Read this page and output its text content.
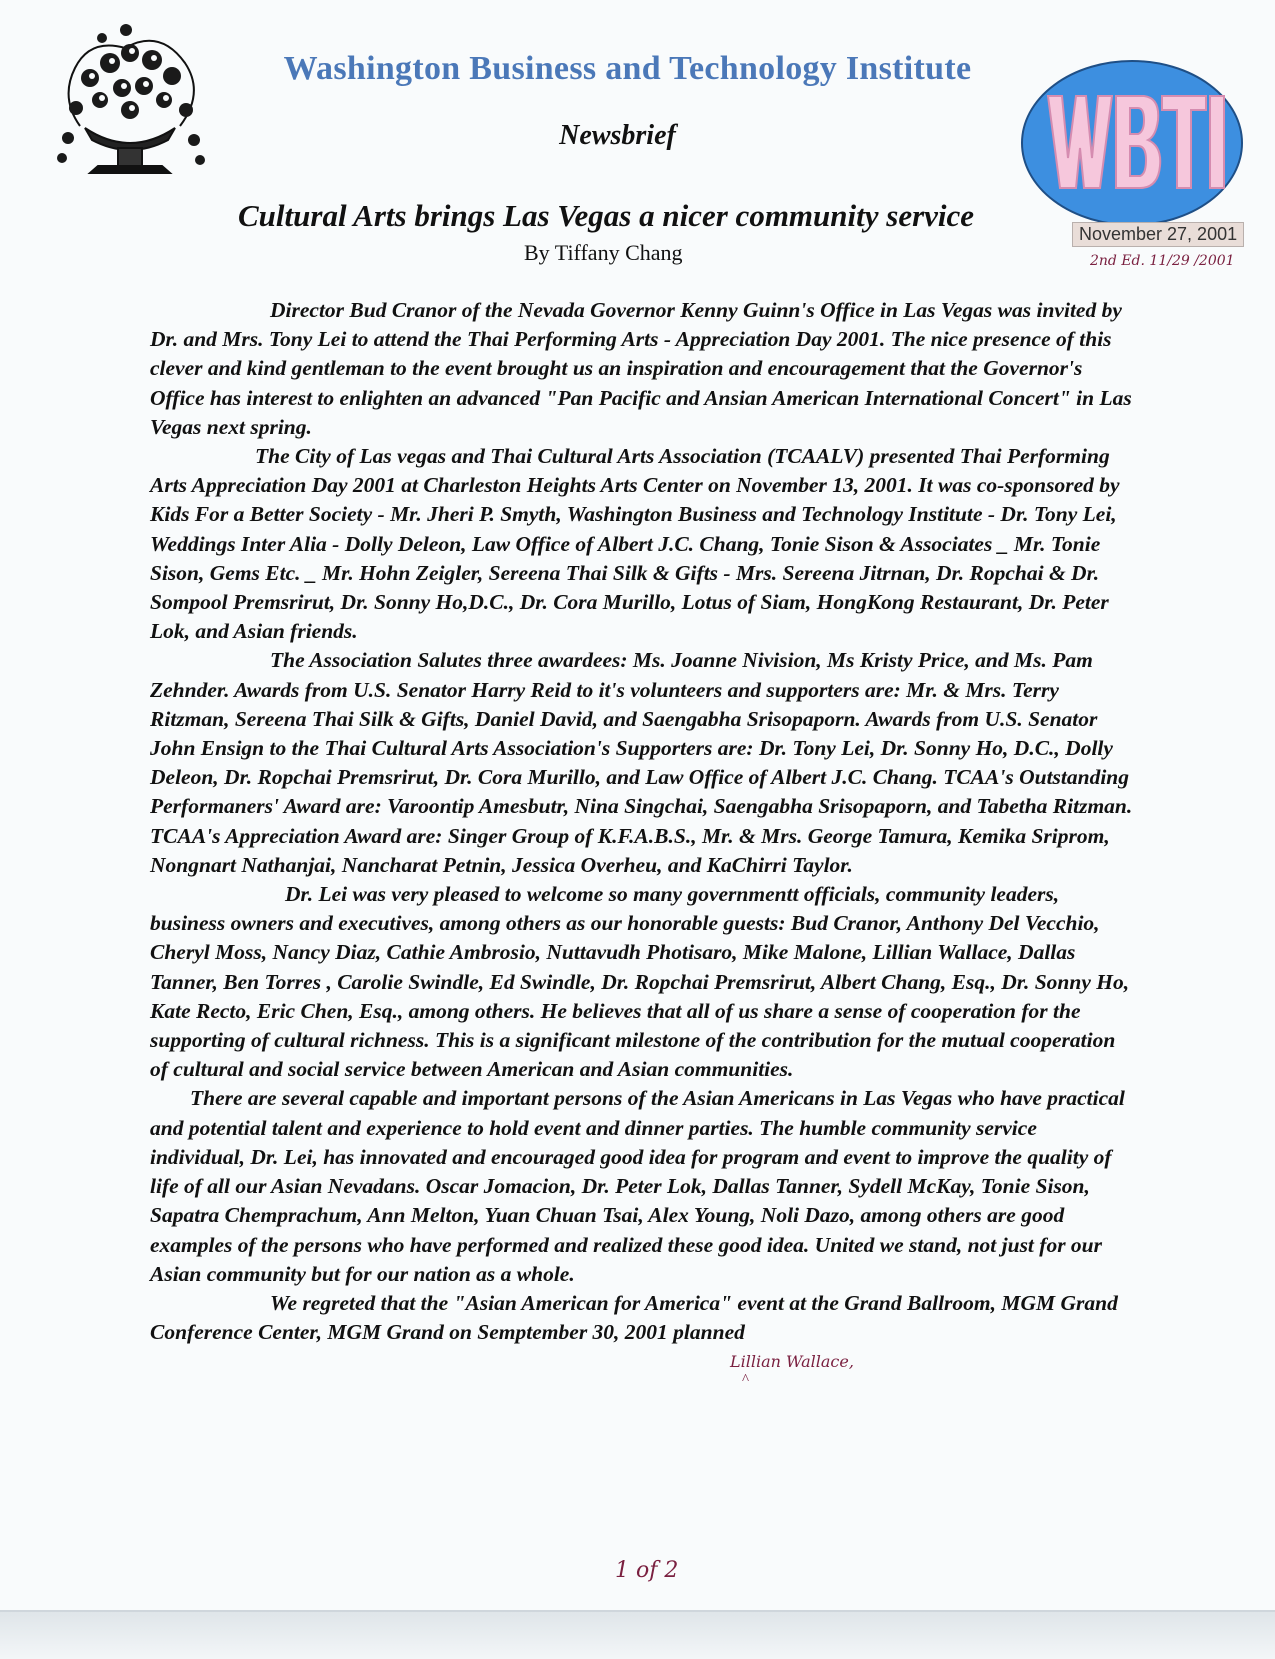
Washington Business and Technology Institute
Newsbrief
Cultural Arts brings Las Vegas a nicer community service
By Tiffany Chang
November 27, 2001
2nd Ed. 11/29 /2001

Director Bud Cranor of the Nevada Governor Kenny Guinn's Office in Las Vegas was invited by Dr. and Mrs. Tony Lei to attend the Thai Performing Arts - Appreciation Day 2001. The nice presence of this clever and kind gentleman to the event brought us an inspiration and encouragement that the Governor's Office has interest to enlighten an advanced "Pan Pacific and Ansian American International Concert" in Las Vegas next spring.

The City of Las vegas and Thai Cultural Arts Association (TCAALV) presented Thai Performing Arts Appreciation Day 2001 at Charleston Heights Arts Center on November 13, 2001. It was co-sponsored by Kids For a Better Society - Mr. Jheri P. Smyth, Washington Business and Technology Institute - Dr. Tony Lei, Weddings Inter Alia - Dolly Deleon, Law Office of Albert J.C. Chang, Tonie Sison & Associates _ Mr. Tonie Sison, Gems Etc. _ Mr. Hohn Zeigler, Sereena Thai Silk & Gifts - Mrs. Sereena Jitrnan, Dr. Ropchai & Dr. Sompool Premsrirut, Dr. Sonny Ho,D.C., Dr. Cora Murillo, Lotus of Siam, HongKong Restaurant, Dr. Peter Lok, and Asian friends.

The Association Salutes three awardees: Ms. Joanne Nivision, Ms Kristy Price, and Ms. Pam Zehnder. Awards from U.S. Senator Harry Reid to it's volunteers and supporters are: Mr. & Mrs. Terry Ritzman, Sereena Thai Silk & Gifts, Daniel David, and Saengabha Srisopaporn. Awards from U.S. Senator John Ensign to the Thai Cultural Arts Association's Supporters are: Dr. Tony Lei, Dr. Sonny Ho, D.C., Dolly Deleon, Dr. Ropchai Premsrirut, Dr. Cora Murillo, and Law Office of Albert J.C. Chang. TCAA's Outstanding Performaners' Award are: Varoontip Amesbutr, Nina Singchai, Saengabha Srisopaporn, and Tabetha Ritzman. TCAA's Appreciation Award are: Singer Group of K.F.A.B.S., Mr. & Mrs. George Tamura, Kemika Sriprom, Nongnart Nathanjai, Nancharat Petnin, Jessica Overheu, and KaChirri Taylor.

Dr. Lei was very pleased to welcome so many governmentt officials, community leaders, business owners and executives, among others as our honorable guests: Bud Cranor, Anthony Del Vecchio, Cheryl Moss, Nancy Diaz, Cathie Ambrosio, Nuttavudh Photisaro, Mike Malone, Lillian Wallace, Dallas Tanner, Ben Torres , Carolie Swindle, Ed Swindle, Dr. Ropchai Premsrirut, Albert Chang, Esq., Dr. Sonny Ho, Kate Recto, Eric Chen, Esq., among others. He believes that all of us share a sense of cooperation for the supporting of cultural richness. This is a significant milestone of the contribution for the mutual cooperation of cultural and social service between American and Asian communities.

There are several capable and important persons of the Asian Americans in Las Vegas who have practical and potential talent and experience to hold event and dinner parties. The humble community service individual, Dr. Lei, has innovated and encouraged good idea for program and event to improve the quality of life of all our Asian Nevadans. Oscar Jomacion, Dr. Peter Lok, Dallas Tanner, Sydell McKay, Tonie Sison, Sapatra Chemprachum, Ann Melton, Yuan Chuan Tsai, Alex Young, Noli Dazo, among others are good examples of the persons who have performed and realized these good idea. United we stand, not just for our Asian community but for our nation as a whole.

We regreted that the "Asian American for America" event at the Grand Ballroom, MGM Grand Conference Center, MGM Grand on Semptember 30, 2001 planned

Lillian Wallace,
^
1 of 2
